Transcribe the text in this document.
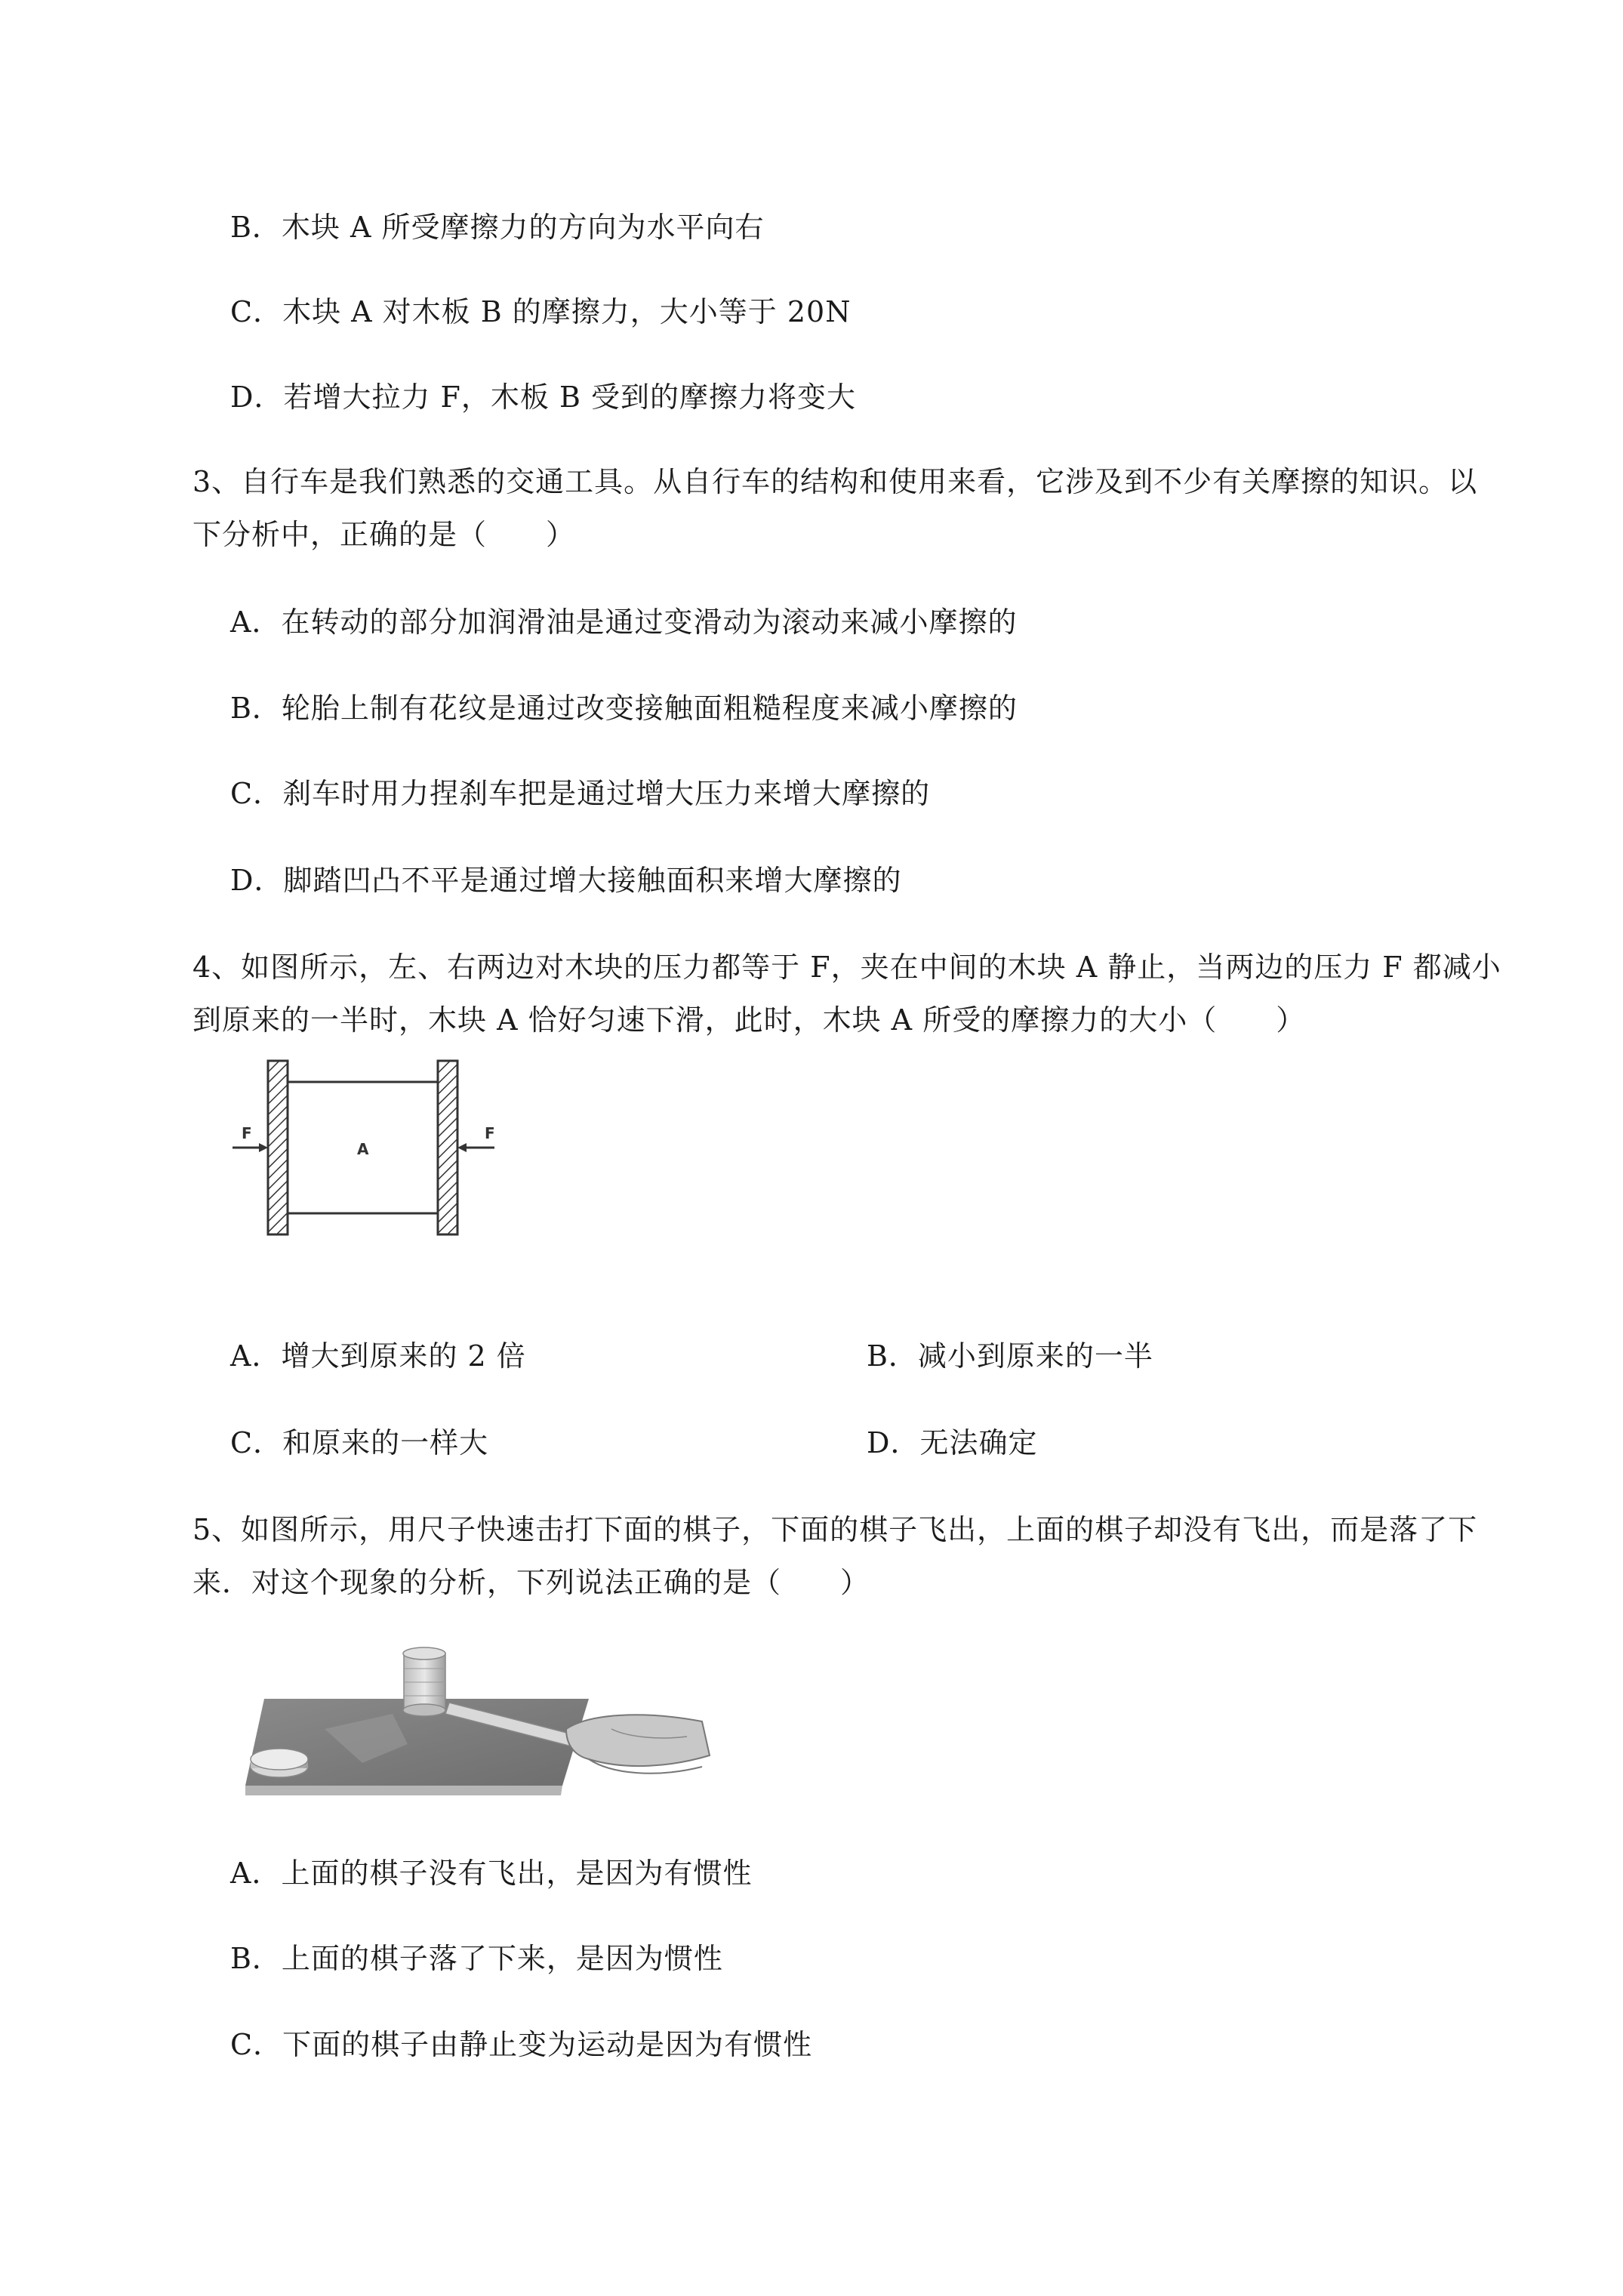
B．木块 A 所受摩擦力的方向为水平向右
C．木块 A 对木板 B 的摩擦力，大小等于 20N
D．若增大拉力 F，木板 B 受到的摩擦力将变大
3、自行车是我们熟悉的交通工具。从自行车的结构和使用来看，它涉及到不少有关摩擦的知识。以
下分析中，正确的是（　　）
A．在转动的部分加润滑油是通过变滑动为滚动来减小摩擦的
B．轮胎上制有花纹是通过改变接触面粗糙程度来减小摩擦的
C．刹车时用力捏刹车把是通过增大压力来增大摩擦的
D．脚踏凹凸不平是通过增大接触面积来增大摩擦的
4、如图所示，左、右两边对木块的压力都等于 F，夹在中间的木块 A 静止，当两边的压力 F 都减小
到原来的一半时，木块 A 恰好匀速下滑，此时，木块 A 所受的摩擦力的大小（　　）
F
A
F
A．增大到原来的 2 倍	B．减小到原来的一半
C．和原来的一样大	D．无法确定
5、如图所示，用尺子快速击打下面的棋子，下面的棋子飞出，上面的棋子却没有飞出，而是落了下
来．对这个现象的分析，下列说法正确的是（　　）
A．上面的棋子没有飞出，是因为有惯性
B．上面的棋子落了下来，是因为惯性
C．下面的棋子由静止变为运动是因为有惯性
